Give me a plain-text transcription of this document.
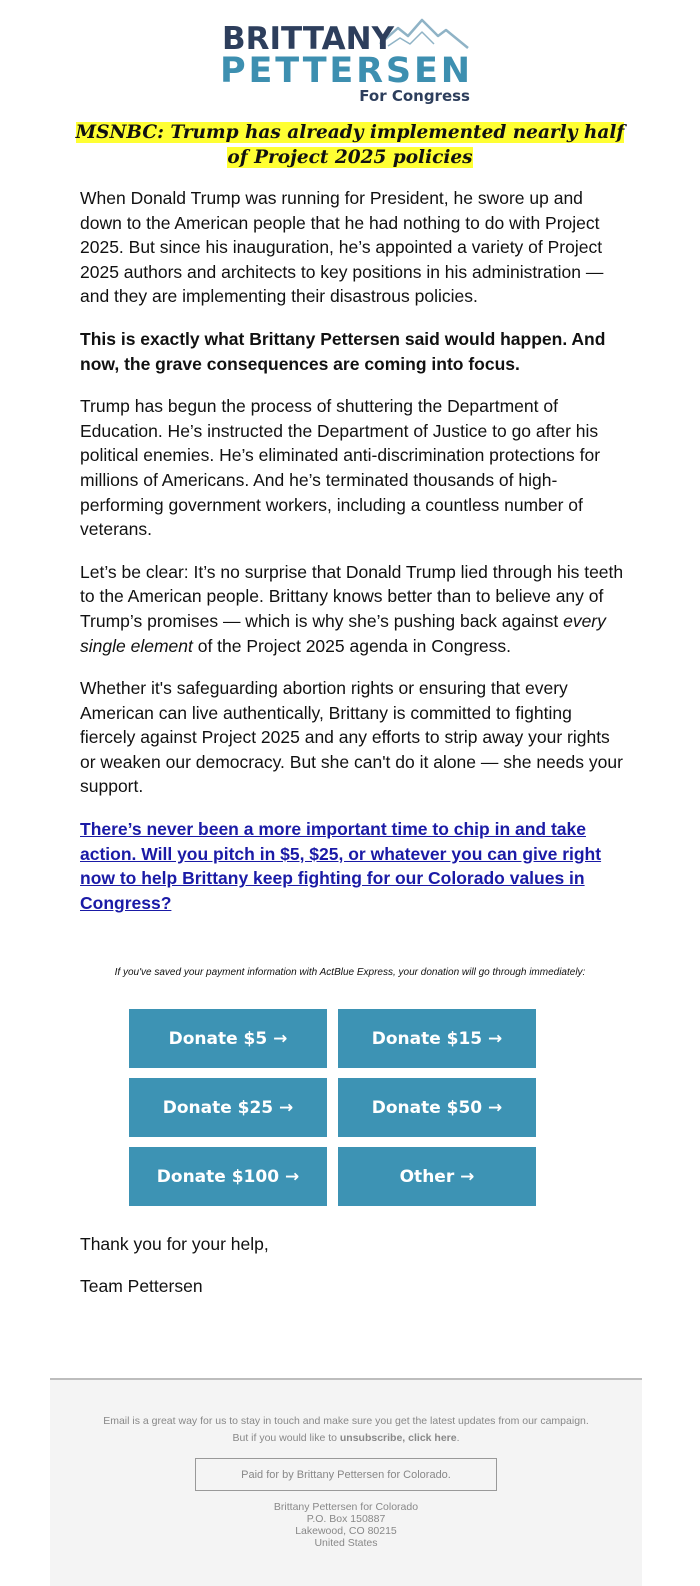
BRITTANY
PETTERSEN
For Congress
MSNBC: Trump has already implemented nearly half of Project 2025 policies

When Donald Trump was running for President, he swore up and down to the American people that he had nothing to do with Project 2025. But since his inauguration, he’s appointed a variety of Project 2025 authors and architects to key positions in his administration — and they are implementing their disastrous policies.

This is exactly what Brittany Pettersen said would happen. And now, the grave consequences are coming into focus.

Trump has begun the process of shuttering the Department of Education. He’s instructed the Department of Justice to go after his political enemies. He’s eliminated anti-discrimination protections for millions of Americans. And he’s terminated thousands of high-performing government workers, including a countless number of veterans.

Let’s be clear: It’s no surprise that Donald Trump lied through his teeth to the American people. Brittany knows better than to believe any of Trump’s promises — which is why she’s pushing back against every single element of the Project 2025 agenda in Congress.

Whether it's safeguarding abortion rights or ensuring that every American can live authentically, Brittany is committed to fighting fiercely against Project 2025 and any efforts to strip away your rights or weaken our democracy. But she can't do it alone — she needs your support.

There’s never been a more important time to chip in and take action. Will you pitch in $5, $25, or whatever you can give right now to help Brittany keep fighting for our Colorado values in Congress?
If you've saved your payment information with ActBlue Express, your donation will go through immediately:
Donate $5 →	Donate $15 →
Donate $25 →	Donate $50 →
Donate $100 →	Other →

Thank you for your help,

Team Pettersen

Email is a great way for us to stay in touch and make sure you get the latest updates from our campaign.
But if you would like to unsubscribe, click here.
Paid for by Brittany Pettersen for Colorado.
Brittany Pettersen for Colorado
P.O. Box 150887
Lakewood, CO 80215
United States
